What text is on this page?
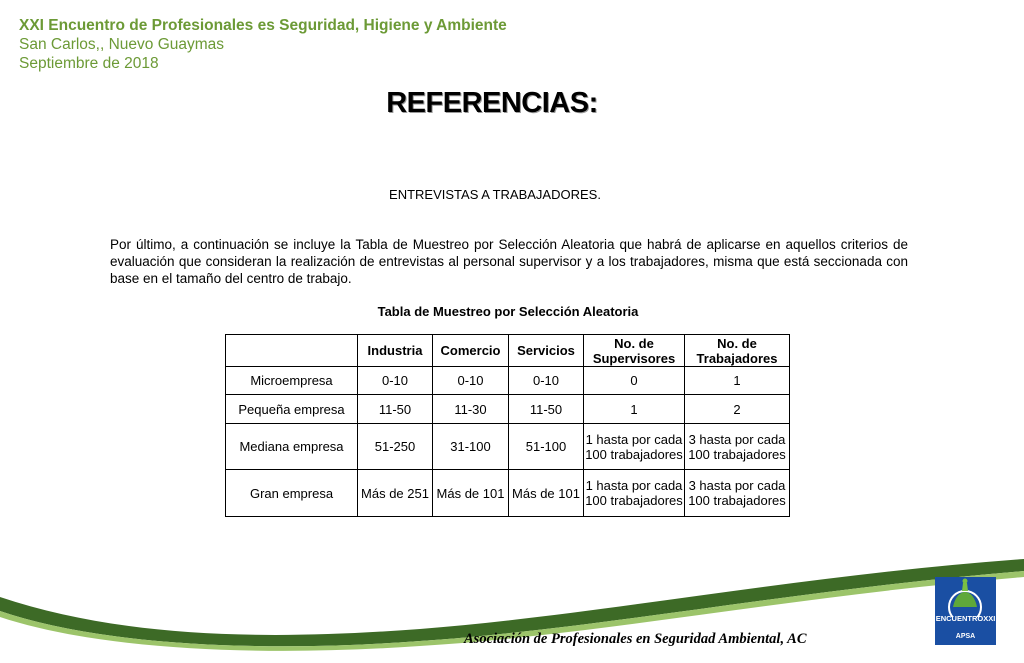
XXI Encuentro de Profesionales es Seguridad, Higiene y Ambiente
San Carlos,, Nuevo Guaymas
Septiembre de 2018
REFERENCIAS:
ENTREVISTAS A TRABAJADORES.
Por último, a continuación se incluye la Tabla de Muestreo por Selección Aleatoria que habrá de aplicarse en aquellos criterios de evaluación que consideran la realización de entrevistas al personal supervisor y a los trabajadores, misma que está seccionada con base en el tamaño del centro de trabajo.
Tabla de Muestreo por Selección Aleatoria
	Industria	Comercio	Servicios	No. de Supervisores	No. de Trabajadores
Microempresa	0-10	0-10	0-10	0	1
Pequeña empresa	11-50	11-30	11-50	1	2
Mediana empresa	51-250	31-100	51-100	1 hasta por cada 100 trabajadores	3 hasta por cada 100 trabajadores
Gran empresa	Más de 251	Más de 101	Más de 101	1 hasta por cada 100 trabajadores	3 hasta por cada 100 trabajadores
Asociación de Profesionales en Seguridad Ambiental, AC
ENCUENTROXXI
APSA
